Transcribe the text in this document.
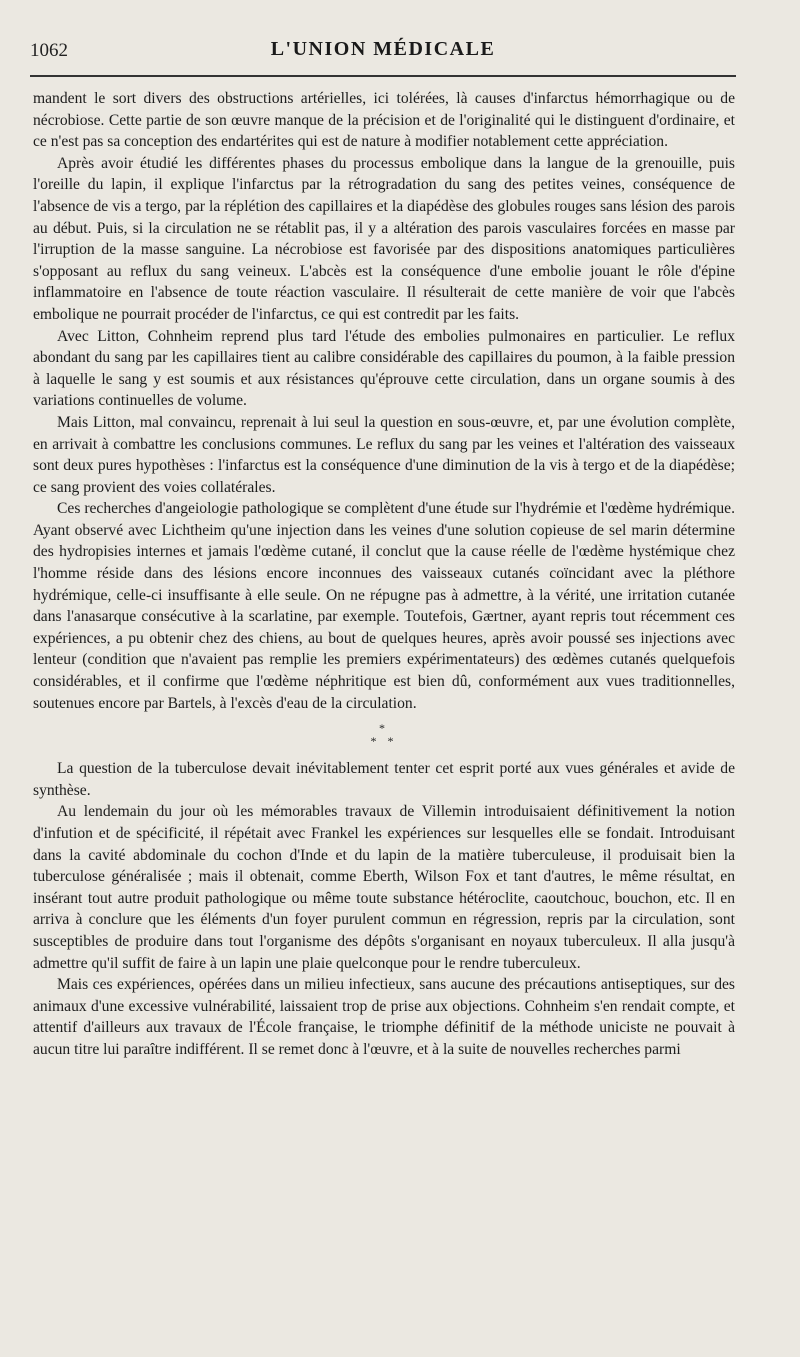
1062	L'UNION MÉDICALE

mandent le sort divers des obstructions artérielles, ici tolérées, là causes d'infarctus hémorrhagique ou de nécrobiose. Cette partie de son œuvre manque de la précision et de l'originalité qui le distinguent d'ordinaire, et ce n'est pas sa conception des endartérites qui est de nature à modifier notablement cette appréciation.

Après avoir étudié les différentes phases du processus embolique dans la langue de la grenouille, puis l'oreille du lapin, il explique l'infarctus par la rétrogradation du sang des petites veines, conséquence de l'absence de vis a tergo, par la réplétion des capillaires et la diapédèse des globules rouges sans lésion des parois au début. Puis, si la circulation ne se rétablit pas, il y a altération des parois vasculaires forcées en masse par l'irruption de la masse sanguine. La nécrobiose est favorisée par des dispositions anatomiques particulières s'opposant au reflux du sang veineux. L'abcès est la conséquence d'une embolie jouant le rôle d'épine inflammatoire en l'absence de toute réaction vasculaire. Il résulterait de cette manière de voir que l'abcès embolique ne pourrait procéder de l'infarctus, ce qui est contredit par les faits.

Avec Litton, Cohnheim reprend plus tard l'étude des embolies pulmonaires en particulier. Le reflux abondant du sang par les capillaires tient au calibre considérable des capillaires du poumon, à la faible pression à laquelle le sang y est soumis et aux résistances qu'éprouve cette circulation, dans un organe soumis à des variations continuelles de volume.

Mais Litton, mal convaincu, reprenait à lui seul la question en sous-œuvre, et, par une évolution complète, en arrivait à combattre les conclusions communes. Le reflux du sang par les veines et l'altération des vaisseaux sont deux pures hypothèses : l'infarctus est la conséquence d'une diminution de la vis à tergo et de la diapédèse; ce sang provient des voies collatérales.

Ces recherches d'angeiologie pathologique se complètent d'une étude sur l'hydrémie et l'œdème hydrémique. Ayant observé avec Lichtheim qu'une injection dans les veines d'une solution copieuse de sel marin détermine des hydropisies internes et jamais l'œdème cutané, il conclut que la cause réelle de l'œdème hystémique chez l'homme réside dans des lésions encore inconnues des vaisseaux cutanés coïncidant avec la pléthore hydrémique, celle-ci insuffisante à elle seule. On ne répugne pas à admettre, à la vérité, une irritation cutanée dans l'anasarque consécutive à la scarlatine, par exemple. Toutefois, Gærtner, ayant repris tout récemment ces expériences, a pu obtenir chez des chiens, au bout de quelques heures, après avoir poussé ses injections avec lenteur (condition que n'avaient pas remplie les premiers expérimentateurs) des œdèmes cutanés quelquefois considérables, et il confirme que l'œdème néphritique est bien dû, conformément aux vues traditionnelles, soutenues encore par Bartels, à l'excès d'eau de la circulation.

*
* *

La question de la tuberculose devait inévitablement tenter cet esprit porté aux vues générales et avide de synthèse.

Au lendemain du jour où les mémorables travaux de Villemin introduisaient définitivement la notion d'infution et de spécificité, il répétait avec Frankel les expériences sur lesquelles elle se fondait. Introduisant dans la cavité abdominale du cochon d'Inde et du lapin de la matière tuberculeuse, il produisait bien la tuberculose généralisée ; mais il obtenait, comme Eberth, Wilson Fox et tant d'autres, le même résultat, en insérant tout autre produit pathologique ou même toute substance hétéroclite, caoutchouc, bouchon, etc. Il en arriva à conclure que les éléments d'un foyer purulent commun en régression, repris par la circulation, sont susceptibles de produire dans tout l'organisme des dépôts s'organisant en noyaux tuberculeux. Il alla jusqu'à admettre qu'il suffit de faire à un lapin une plaie quelconque pour le rendre tuberculeux.

Mais ces expériences, opérées dans un milieu infectieux, sans aucune des précautions antiseptiques, sur des animaux d'une excessive vulnérabilité, laissaient trop de prise aux objections. Cohnheim s'en rendait compte, et attentif d'ailleurs aux travaux de l'École française, le triomphe définitif de la méthode unicistе ne pouvait à aucun titre lui paraître indifférent. Il se remet donc à l'œuvre, et à la suite de nouvelles recherches parmi
